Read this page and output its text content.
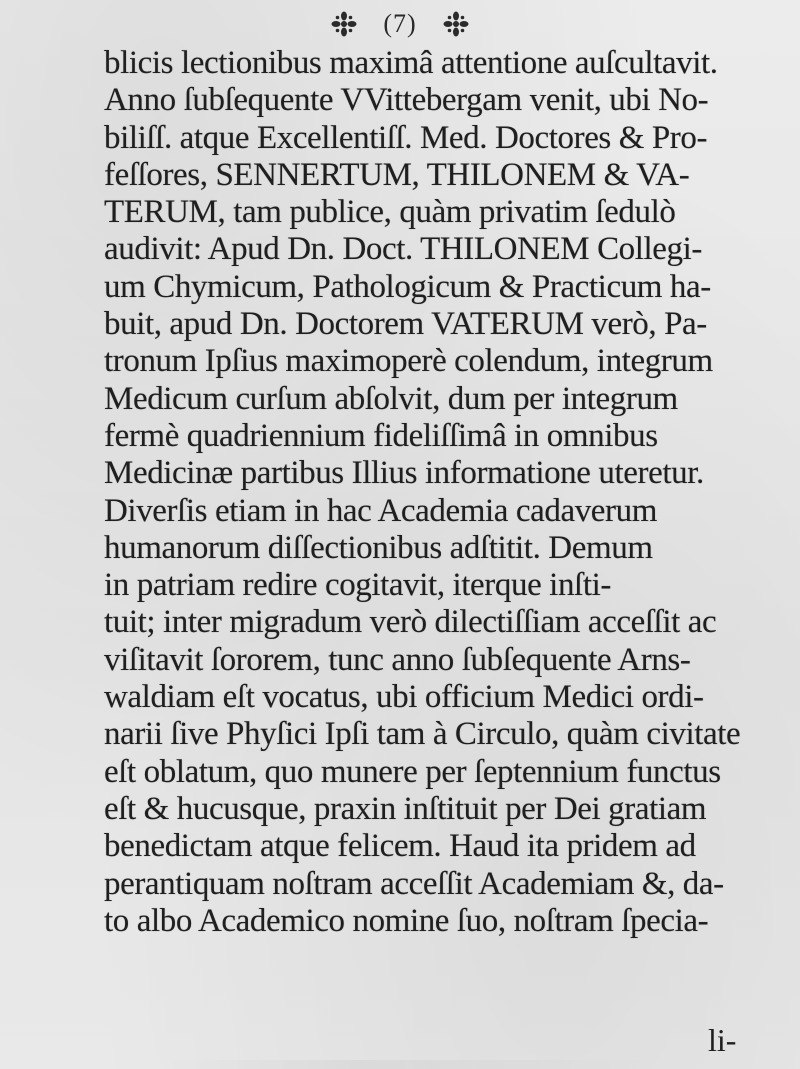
(7)
blicis lectionibus maximâ attentione auſcultavit.
Anno ſubſequente VVittebergam venit, ubi No-
biliſſ. atque Excellentiſſ. Med. Doctores & Pro-
feſſores, SENNERTUM, THILONEM & VA-
TERUM, tam publice, quàm privatim ſedulò
audivit: Apud Dn. Doct. THILONEM Collegi-
um Chymicum, Pathologicum & Practicum ha-
buit, apud Dn. Doctorem VATERUM verò, Pa-
tronum Ipſius maximoperè colendum, integrum
Medicum curſum abſolvit, dum per integrum
fermè quadriennium fideliſſimâ in omnibus
Medicinæ partibus Illius informatione uteretur.
Diverſis etiam in hac Academia cadaverum
humanorum diſſectionibus adſtitit. Demum
in patriam redire cogitavit, iterque inſti-
tuit; inter migradum verò dilectiſſiam acceſſit ac
viſitavit ſororem, tunc anno ſubſequente Arns-
waldiam eſt vocatus, ubi officium Medici ordi-
narii ſive Phyſici Ipſi tam à Circulo, quàm civitate
eſt oblatum, quo munere per ſeptennium functus
eſt & hucusque, praxin inſtituit per Dei gratiam
benedictam atque felicem. Haud ita pridem ad
perantiquam noſtram acceſſit Academiam &, da-
to albo Academico nomine ſuo, noſtram ſpecia-
li-
